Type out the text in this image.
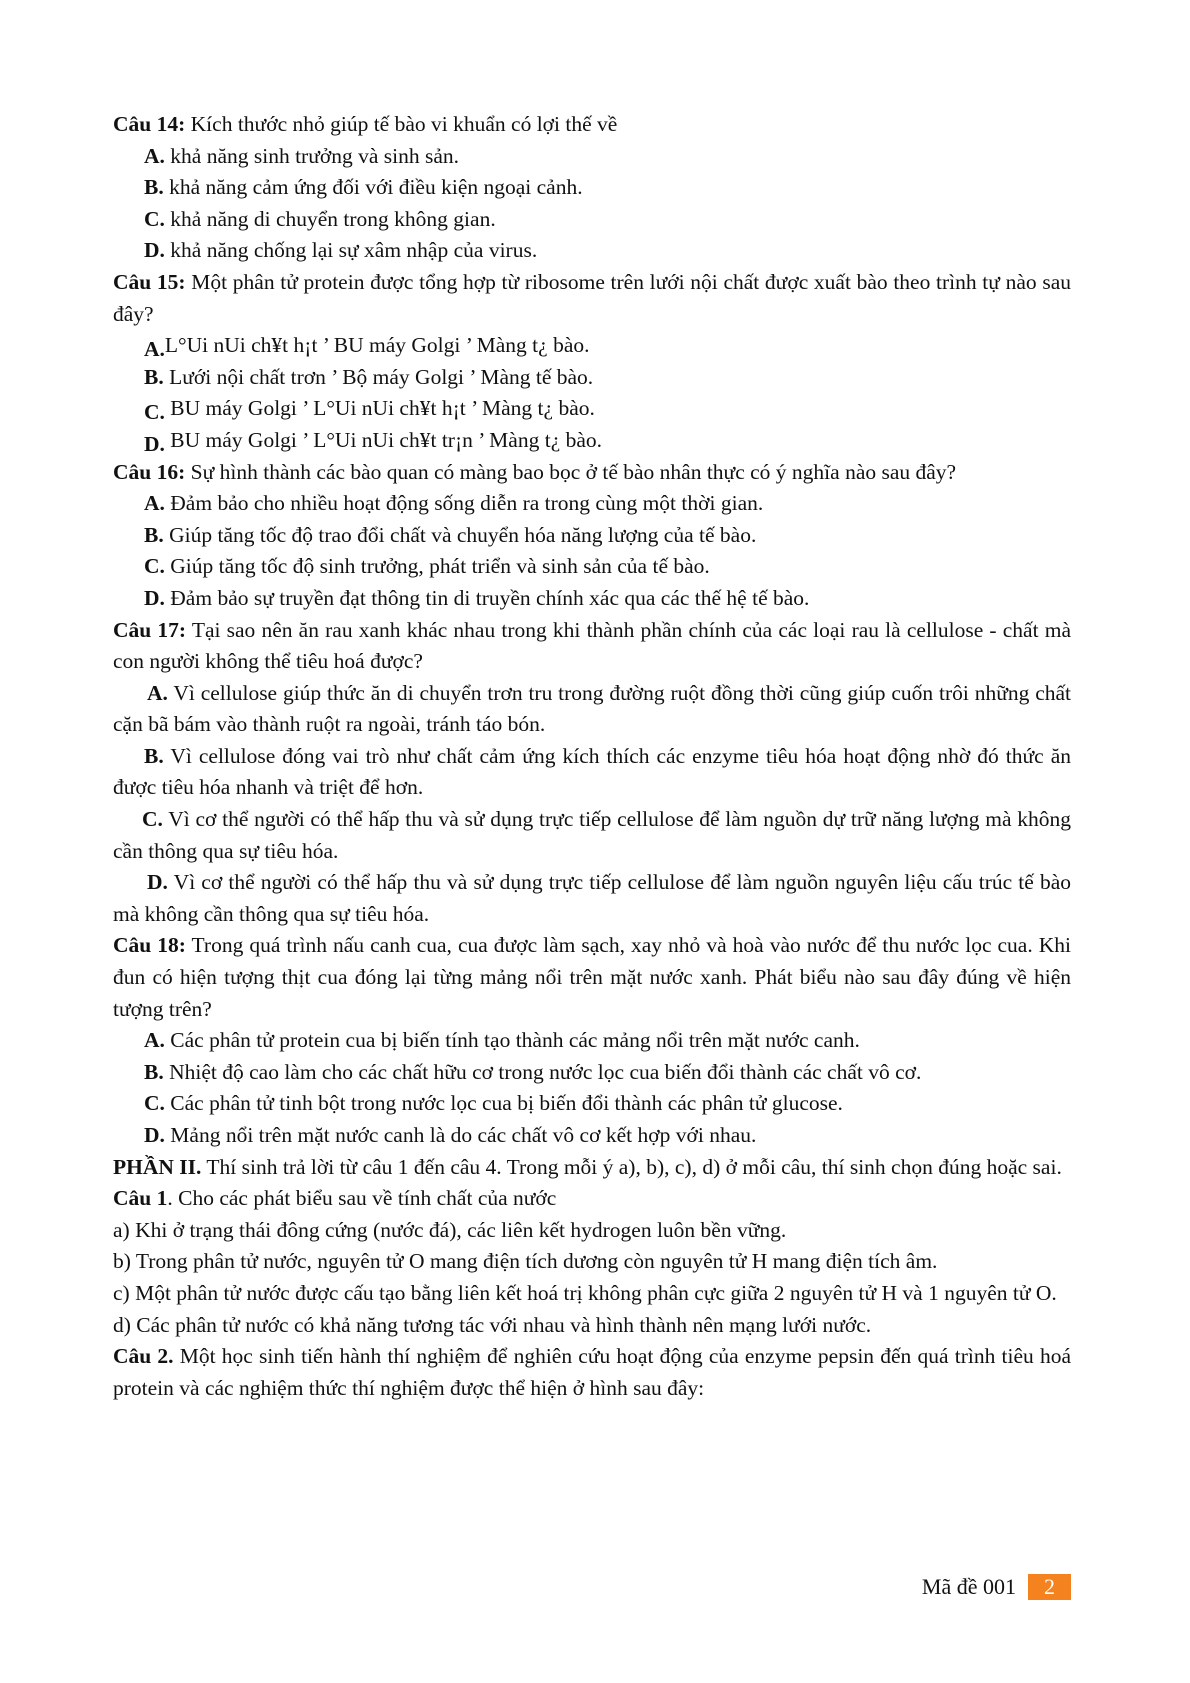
Câu 14: Kích thước nhỏ giúp tế bào vi khuẩn có lợi thế về
A. khả năng sinh trưởng và sinh sản.
B. khả năng cảm ứng đối với điều kiện ngoại cảnh.
C. khả năng di chuyển trong không gian.
D. khả năng chống lại sự xâm nhập của virus.
Câu 15: Một phân tử protein được tổng hợp từ ribosome trên lưới nội chất được xuất bào theo trình tự nào sau đây?
A.L°Ui nUi ch¥t h¡t ’ BU máy Golgi ’ Màng t¿ bào.
B. Lưới nội chất trơn ’ Bộ máy Golgi ’ Màng tế bào.
C. BU máy Golgi ’ L°Ui nUi ch¥t h¡t ’ Màng t¿ bào.
D. BU máy Golgi ’ L°Ui nUi ch¥t tr¡n ’ Màng t¿ bào.
Câu 16: Sự hình thành các bào quan có màng bao bọc ở tế bào nhân thực có ý nghĩa nào sau đây?
A. Đảm bảo cho nhiều hoạt động sống diễn ra trong cùng một thời gian.
B. Giúp tăng tốc độ trao đổi chất và chuyển hóa năng lượng của tế bào.
C. Giúp tăng tốc độ sinh trưởng, phát triển và sinh sản của tế bào.
D. Đảm bảo sự truyền đạt thông tin di truyền chính xác qua các thế hệ tế bào.
Câu 17: Tại sao nên ăn rau xanh khác nhau trong khi thành phần chính của các loại rau là cellulose - chất mà con người không thể tiêu hoá được?
A. Vì cellulose giúp thức ăn di chuyển trơn tru trong đường ruột đồng thời cũng giúp cuốn trôi những chất cặn bã bám vào thành ruột ra ngoài, tránh táo bón.
B. Vì cellulose đóng vai trò như chất cảm ứng kích thích các enzyme tiêu hóa hoạt động nhờ đó thức ăn được tiêu hóa nhanh và triệt để hơn.
C. Vì cơ thể người có thể hấp thu và sử dụng trực tiếp cellulose để làm nguồn dự trữ năng lượng mà không cần thông qua sự tiêu hóa.
D. Vì cơ thể người có thể hấp thu và sử dụng trực tiếp cellulose để làm nguồn nguyên liệu cấu trúc tế bào mà không cần thông qua sự tiêu hóa.
Câu 18: Trong quá trình nấu canh cua, cua được làm sạch, xay nhỏ và hoà vào nước để thu nước lọc cua. Khi đun có hiện tượng thịt cua đóng lại từng mảng nổi trên mặt nước xanh. Phát biểu nào sau đây đúng về hiện tượng trên?
A. Các phân tử protein cua bị biến tính tạo thành các mảng nổi trên mặt nước canh.
B. Nhiệt độ cao làm cho các chất hữu cơ trong nước lọc cua biến đổi thành các chất vô cơ.
C. Các phân tử tinh bột trong nước lọc cua bị biến đổi thành các phân tử glucose.
D. Mảng nổi trên mặt nước canh là do các chất vô cơ kết hợp với nhau.
PHẦN II. Thí sinh trả lời từ câu 1 đến câu 4. Trong mỗi ý a), b), c), d) ở mỗi câu, thí sinh chọn đúng hoặc sai.
Câu 1. Cho các phát biểu sau về tính chất của nước
a) Khi ở trạng thái đông cứng (nước đá), các liên kết hydrogen luôn bền vững.
b) Trong phân tử nước, nguyên tử O mang điện tích dương còn nguyên tử H mang điện tích âm.
c) Một phân tử nước được cấu tạo bằng liên kết hoá trị không phân cực giữa 2 nguyên tử H và 1 nguyên tử O.
d) Các phân tử nước có khả năng tương tác với nhau và hình thành nên mạng lưới nước.
Câu 2. Một học sinh tiến hành thí nghiệm để nghiên cứu hoạt động của enzyme pepsin đến quá trình tiêu hoá protein và các nghiệm thức thí nghiệm được thể hiện ở hình sau đây:
Mã đề 001	2
